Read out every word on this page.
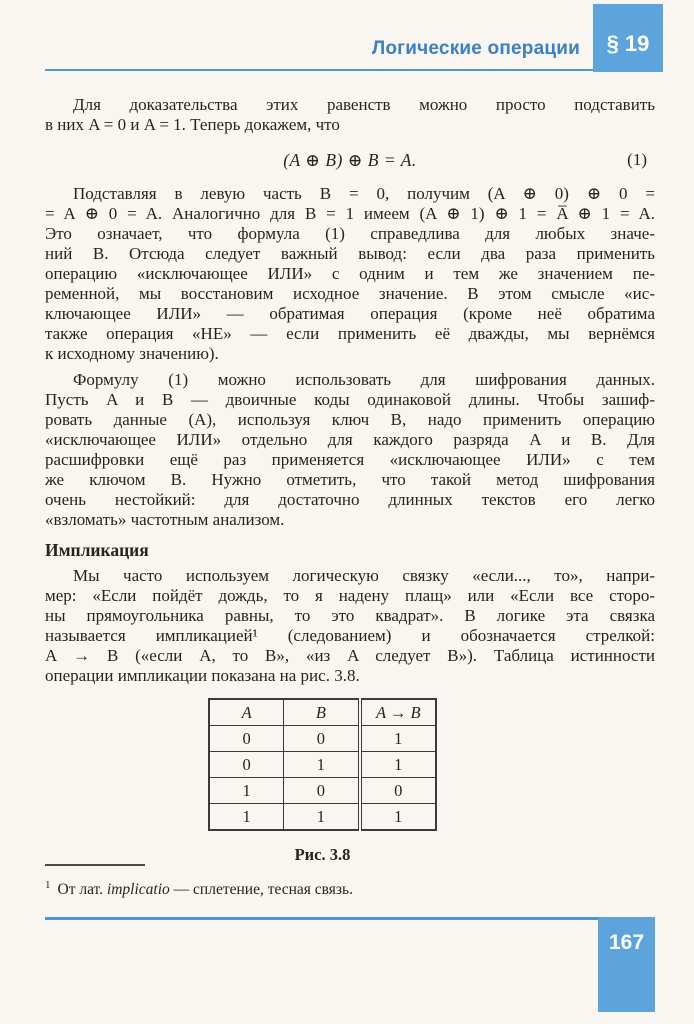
Логические операции	§ 19

Для доказательства этих равенств можно просто подставить
в них A = 0 и A = 1. Теперь докажем, что

(A ⊕ B) ⊕ B = A.	(1)

Подставляя в левую часть B = 0, получим (A ⊕ 0) ⊕ 0 =
= A ⊕ 0 = A. Аналогично для B = 1 имеем (A ⊕ 1) ⊕ 1 = A̅ ⊕ 1 = A.
Это означает, что формула (1) справедлива для любых значе-
ний B. Отсюда следует важный вывод: если два раза применить
операцию «исключающее ИЛИ» с одним и тем же значением пе-
ременной, мы восстановим исходное значение. В этом смысле «ис-
ключающее ИЛИ» — обратимая операция (кроме неё обратима
также операция «НЕ» — если применить её дважды, мы вернёмся
к исходному значению).

Формулу (1) можно использовать для шифрования данных.
Пусть A и B — двоичные коды одинаковой длины. Чтобы зашиф-
ровать данные (A), используя ключ B, надо применить операцию
«исключающее ИЛИ» отдельно для каждого разряда A и B. Для
расшифровки ещё раз применяется «исключающее ИЛИ» с тем
же ключом B. Нужно отметить, что такой метод шифрования
очень нестойкий: для достаточно длинных текстов его легко
«взломать» частотным анализом.

Импликация

Мы часто используем логическую связку «если..., то», напри-
мер: «Если пойдёт дождь, то я надену плащ» или «Если все сторо-
ны прямоугольника равны, то это квадрат». В логике эта связка
называется импликацией¹ (следованием) и обозначается стрелкой:
A → B («если A, то B», «из A следует B»). Таблица истинности
операции импликации показана на рис. 3.8.

A	B	A → B
0	0	1
0	1	1
1	0	0
1	1	1
Рис. 3.8
$^1$ От лат. implicatio — сплетение, тесная связь.
167
